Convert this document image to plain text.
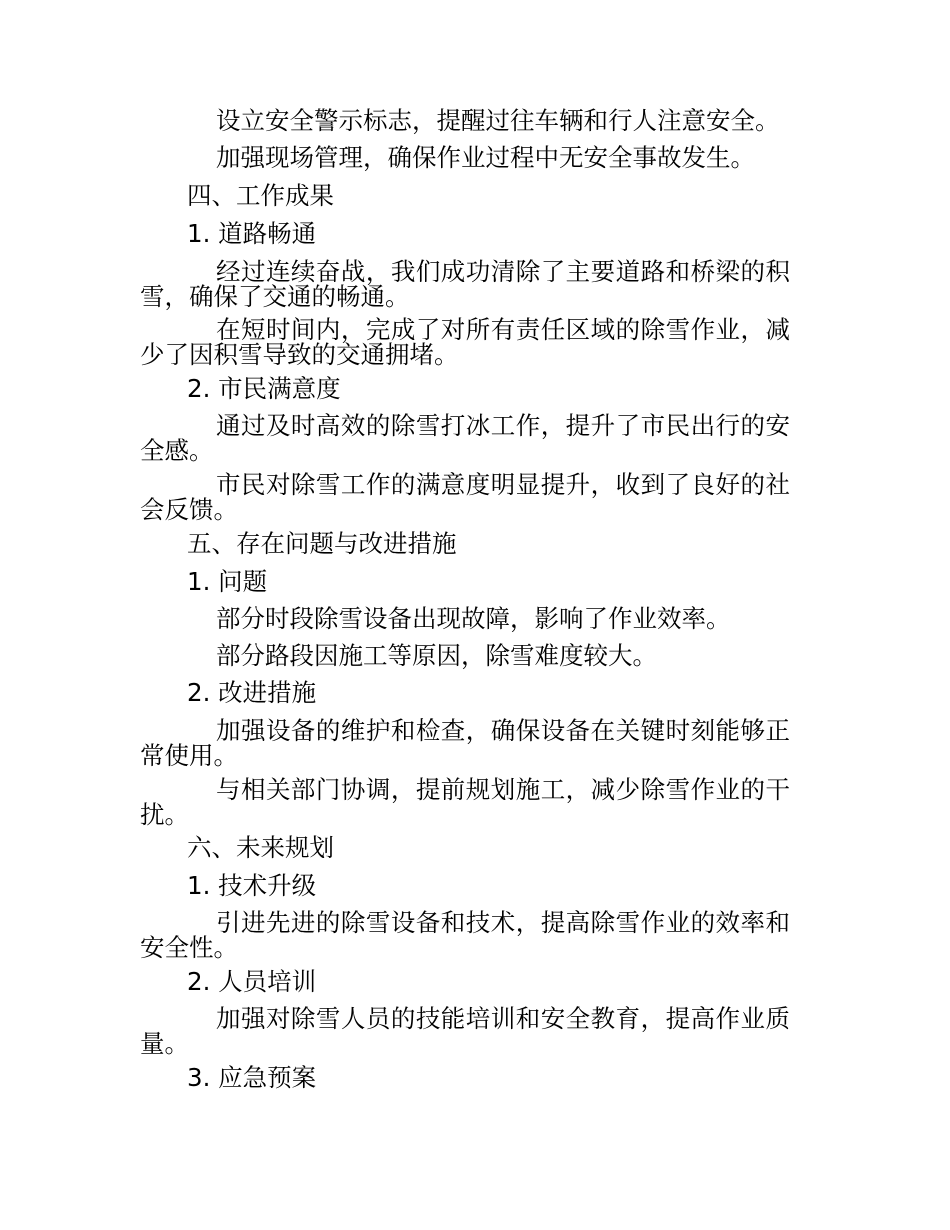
设立安全警示标志，提醒过往车辆和行人注意安全。
加强现场管理，确保作业过程中无安全事故发生。
四、工作成果
1. 道路畅通
经过连续奋战，我们成功清除了主要道路和桥梁的积雪，确保了交通的畅通。
在短时间内，完成了对所有责任区域的除雪作业，减少了因积雪导致的交通拥堵。
2. 市民满意度
通过及时高效的除雪打冰工作，提升了市民出行的安全感。
市民对除雪工作的满意度明显提升，收到了良好的社会反馈。
五、存在问题与改进措施
1. 问题
部分时段除雪设备出现故障，影响了作业效率。
部分路段因施工等原因，除雪难度较大。
2. 改进措施
加强设备的维护和检查，确保设备在关键时刻能够正常使用。
与相关部门协调，提前规划施工，减少除雪作业的干扰。
六、未来规划
1. 技术升级
引进先进的除雪设备和技术，提高除雪作业的效率和安全性。
2. 人员培训
加强对除雪人员的技能培训和安全教育，提高作业质量。
3. 应急预案
